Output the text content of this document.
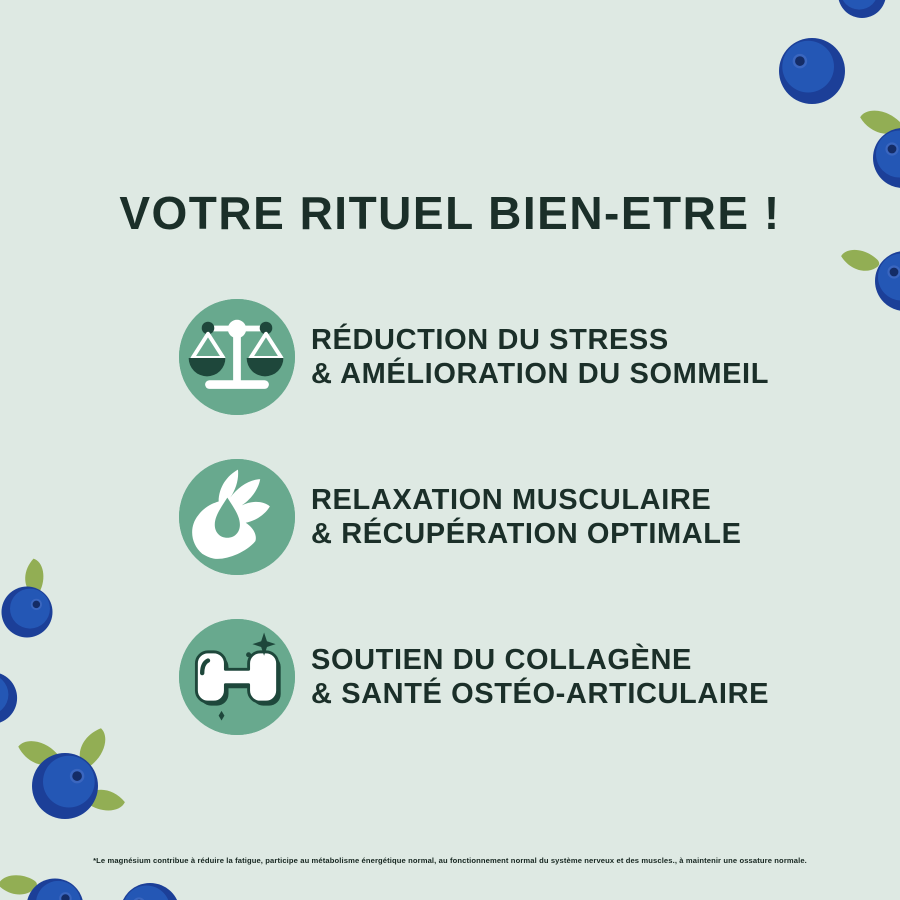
VOTRE RITUEL BIEN-ETRE !
RÉDUCTION DU STRESS
& AMÉLIORATION DU SOMMEIL
RELAXATION MUSCULAIRE
& RÉCUPÉRATION OPTIMALE
SOUTIEN DU COLLAGÈNE
& SANTÉ OSTÉO-ARTICULAIRE
*Le magnésium contribue à réduire la fatigue, participe au métabolisme énergétique normal, au fonctionnement normal du système nerveux et des muscles., à maintenir une ossature normale.
